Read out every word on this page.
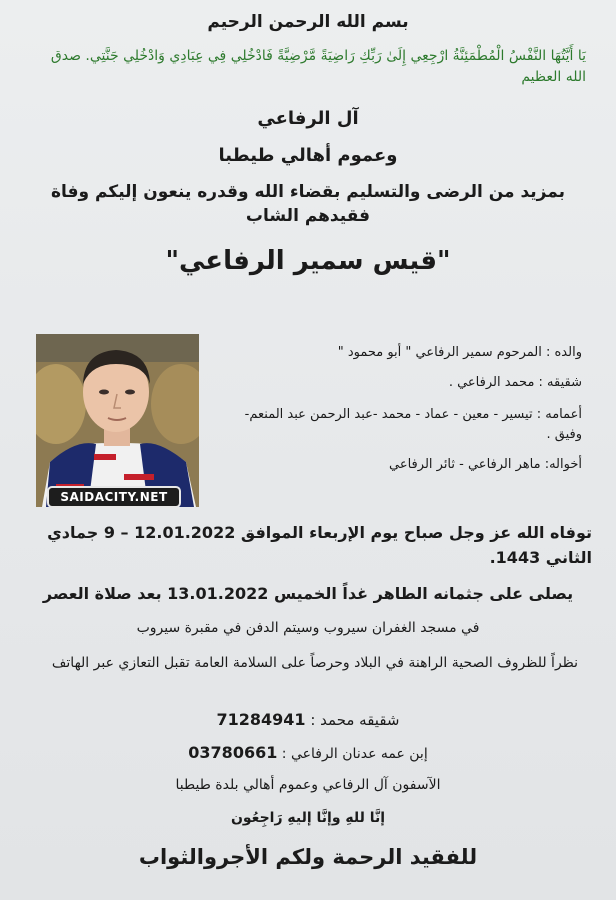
بسم الله الرحمن الرحيم
يَا أَيَّتُهَا النَّفْسُ الْمُطْمَئِنَّةُ ارْجِعِي إِلَىٰ رَبِّكِ رَاضِيَةً مَّرْضِيَّةً فَادْخُلِي فِي عِبَادِي وَادْخُلِي جَنَّتِي. صدق الله العظيم
آل الرفاعي
وعموم أهالي طيطبا
بمزيد من الرضى والتسليم بقضاء الله وقدره ينعون إليكم وفاة فقيدهم الشاب
"قيس سمير الرفاعي"
SAIDACITY.NET
والده : المرحوم سمير الرفاعي " أبو محمود "
شقيقه : محمد الرفاعي .
أعمامه : تيسير - معين - عماد - محمد -عبد الرحمن عبد المنعم- وفيق .
أخواله: ماهر الرفاعي - ثائر الرفاعي
توفاه الله عز وجل صباح يوم الإربعاء الموافق 12.01.2022 – 9 جمادي الثاني 1443.
يصلى على جثمانه الطاهر غداً الخميس 13.01.2022 بعد صلاة العصر
في مسجد الغفران سيروب وسيتم الدفن في مقبرة سيروب
نظراً للظروف الصحية الراهنة في البلاد وحرصاً على السلامة العامة تقبل التعازي عبر الهاتف
شقيقه محمد : 71284941
إبن عمه عدنان الرفاعي : 03780661
الآسفون آل الرفاعي وعموم أهالي بلدة طيطبا
إنَّا للهِ وإنَّا إليهِ رَاجِعُون
للفقيد الرحمة ولكم الأجروالثواب
